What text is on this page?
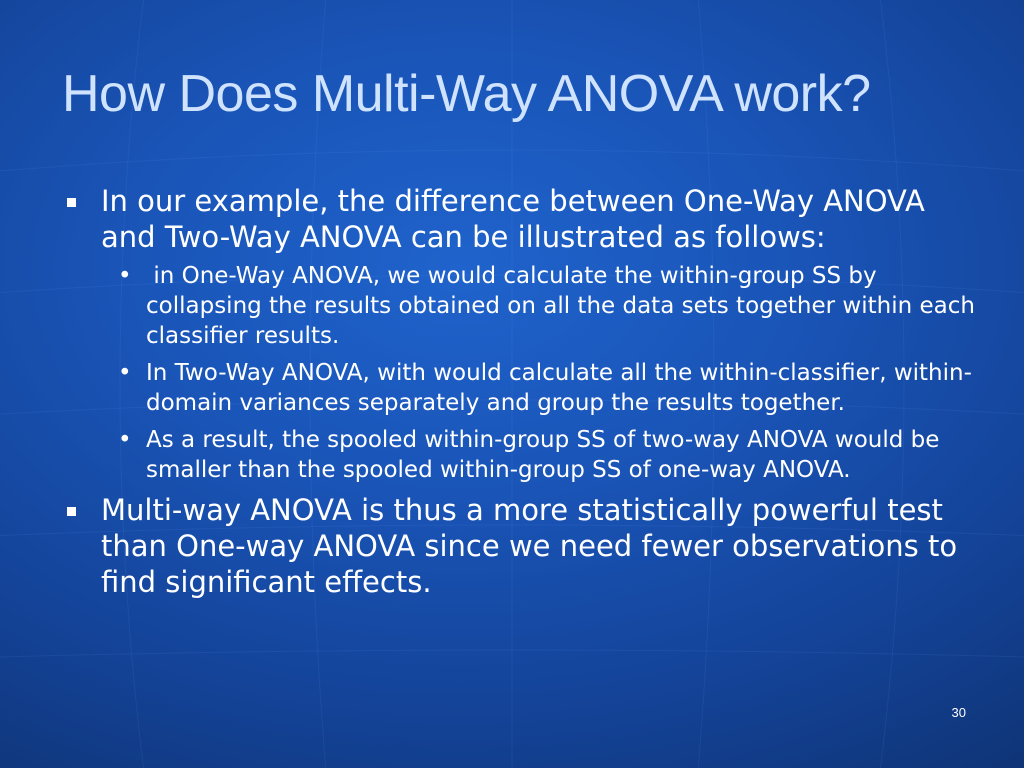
How Does Multi-Way ANOVA work?
In our example, the difference between One-Way ANOVA and Two-Way ANOVA can be illustrated as follows:
• in One-Way ANOVA, we would calculate the within-group SS by collapsing the results obtained on all the data sets together within each classifier results.
• In Two-Way ANOVA, with would calculate all the within-classifier, within-domain variances separately and group the results together.
• As a result, the spooled within-group SS of two-way ANOVA would be smaller than the spooled within-group SS of one-way ANOVA.
Multi-way ANOVA is thus a more statistically powerful test than One-way ANOVA since we need fewer observations to find significant effects.
30
